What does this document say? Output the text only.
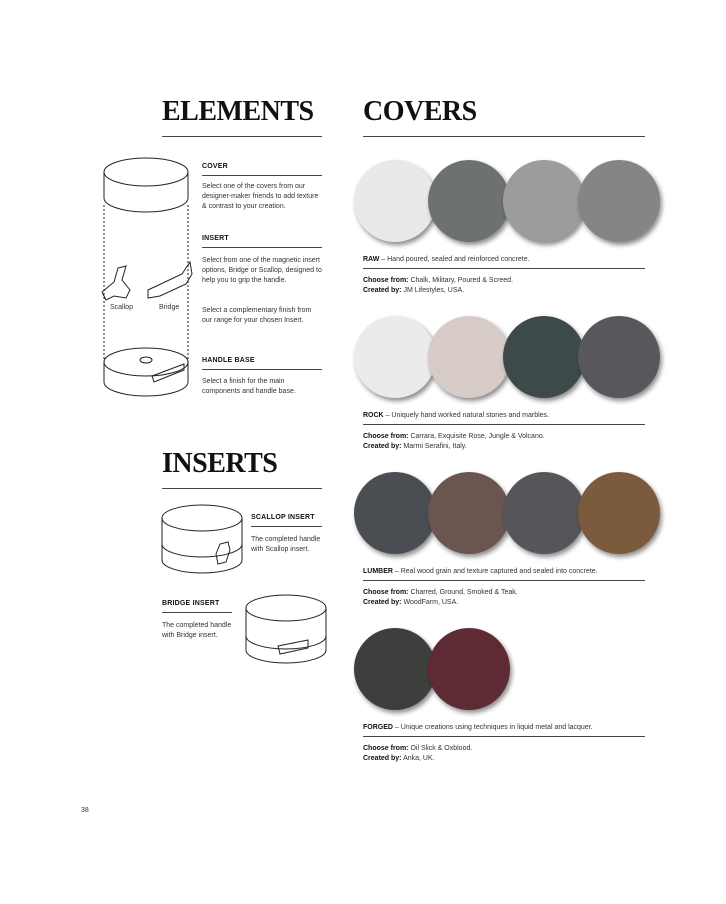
ELEMENTS COVERS
Scallop	Bridge
COVER
Select one of the covers from our designer-maker friends to add texture & contrast to your creation.
INSERT
Select from one of the magnetic insert options, Bridge or Scallop, designed to help you to grip the handle.
Select a complementary finish from our range for your chosen Insert.
HANDLE BASE
Select a finish for the main components and handle base.
INSERTS
SCALLOP INSERT
The completed handle with Scallop insert.
BRIDGE INSERT
The completed handle with Bridge insert.
RAW – Hand poured, sealed and reinforced concrete.
Choose from: Chalk, Military, Poured & Screed.
Created by: JM Lifestyles, USA.
ROCK – Uniquely hand worked natural stones and marbles.
Choose from: Carrara, Exquisite Rose, Jungle & Volcano.
Created by: Marmi Serafini, Italy.
LUMBER – Real wood grain and texture captured and sealed into concrete.
Choose from: Charred, Ground, Smoked & Teak.
Created by: WoodFarm, USA.
FORGED – Unique creations using techniques in liquid metal and lacquer.
Choose from: Oil Slick & Oxblood.
Created by: Anka, UK.
38
